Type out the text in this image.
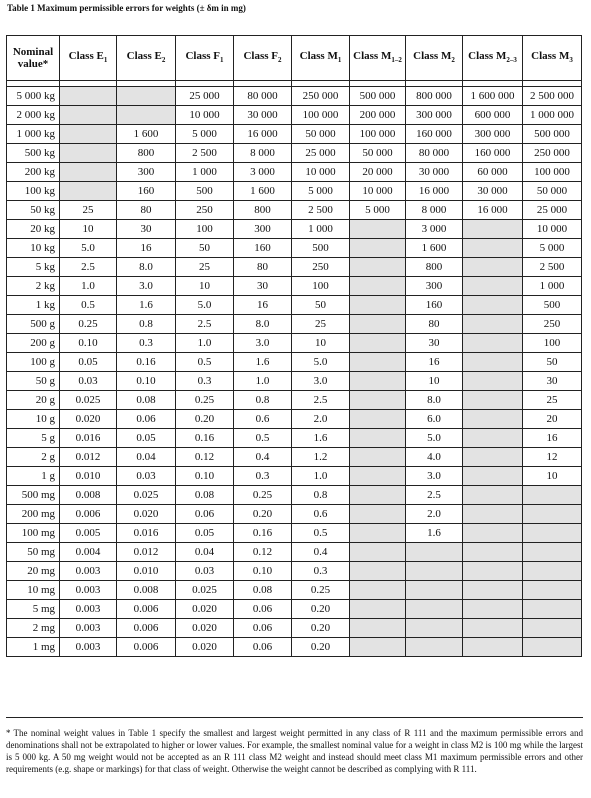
Table 1 Maximum permissible errors for weights (± δm in mg)
Nominal value*	Class $E_1$	Class $E_2$	Class $F_1$	Class $F_2$	Class $M_1$	Class $M_{1-2}$	Class $M_2$	Class $M_{2-3}$	Class $M_3$

5 000 kg			25 000	80 000	250 000	500 000	800 000	1 600 000	2 500 000
2 000 kg			10 000	30 000	100 000	200 000	300 000	600 000	1 000 000
1 000 kg		1 600	5 000	16 000	50 000	100 000	160 000	300 000	500 000
500 kg		800	2 500	8 000	25 000	50 000	80 000	160 000	250 000
200 kg		300	1 000	3 000	10 000	20 000	30 000	60 000	100 000
100 kg		160	500	1 600	5 000	10 000	16 000	30 000	50 000
50 kg	25	80	250	800	2 500	5 000	8 000	16 000	25 000
20 kg	10	30	100	300	1 000		3 000		10 000
10 kg	5.0	16	50	160	500		1 600		5 000
5 kg	2.5	8.0	25	80	250		800		2 500
2 kg	1.0	3.0	10	30	100		300		1 000
1 kg	0.5	1.6	5.0	16	50		160		500
500 g	0.25	0.8	2.5	8.0	25		80		250
200 g	0.10	0.3	1.0	3.0	10		30		100
100 g	0.05	0.16	0.5	1.6	5.0		16		50
50 g	0.03	0.10	0.3	1.0	3.0		10		30
20 g	0.025	0.08	0.25	0.8	2.5		8.0		25
10 g	0.020	0.06	0.20	0.6	2.0		6.0		20
5 g	0.016	0.05	0.16	0.5	1.6		5.0		16
2 g	0.012	0.04	0.12	0.4	1.2		4.0		12
1 g	0.010	0.03	0.10	0.3	1.0		3.0		10
500 mg	0.008	0.025	0.08	0.25	0.8		2.5		
200 mg	0.006	0.020	0.06	0.20	0.6		2.0		
100 mg	0.005	0.016	0.05	0.16	0.5		1.6		
50 mg	0.004	0.012	0.04	0.12	0.4				
20 mg	0.003	0.010	0.03	0.10	0.3				
10 mg	0.003	0.008	0.025	0.08	0.25				
5 mg	0.003	0.006	0.020	0.06	0.20				
2 mg	0.003	0.006	0.020	0.06	0.20				
1 mg	0.003	0.006	0.020	0.06	0.20				
* The nominal weight values in Table 1 specify the smallest and largest weight permitted in any class of R 111 and the maximum permissible errors and denominations shall not be extrapolated to higher or lower values. For example, the smallest nominal value for a weight in class M2 is 100 mg while the largest is 5 000 kg. A 50 mg weight would not be accepted as an R 111 class M2 weight and instead should meet class M1 maximum permissible errors and other requirements (e.g. shape or markings) for that class of weight. Otherwise the weight cannot be described as complying with R 111.
